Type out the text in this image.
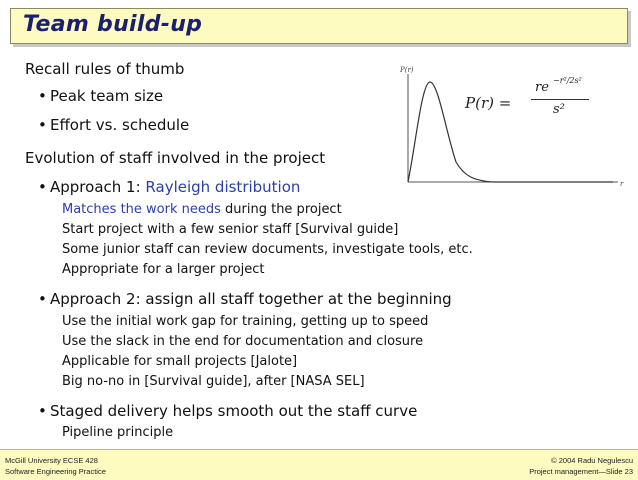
Team build-up
Recall rules of thumb
• Peak team size
• Effort vs. schedule
Evolution of staff involved in the project
• Approach 1: Rayleigh distribution
Matches the work needs during the project
Start project with a few senior staff [Survival guide]
Some junior staff can review documents, investigate tools, etc.
Appropriate for a larger project
• Approach 2: assign all staff together at the beginning
Use the initial work gap for training, getting up to speed
Use the slack in the end for documentation and closure
Applicable for small projects [Jalote]
Big no-no in [Survival guide], after [NASA SEL]
• Staged delivery helps smooth out the staff curve
Pipeline principle
P(r)
r
P(r) =
re −r²/2s²
s²
McGill University ECSE 428
Software Engineering Practice
© 2004 Radu Negulescu
Project management—Slide 23
